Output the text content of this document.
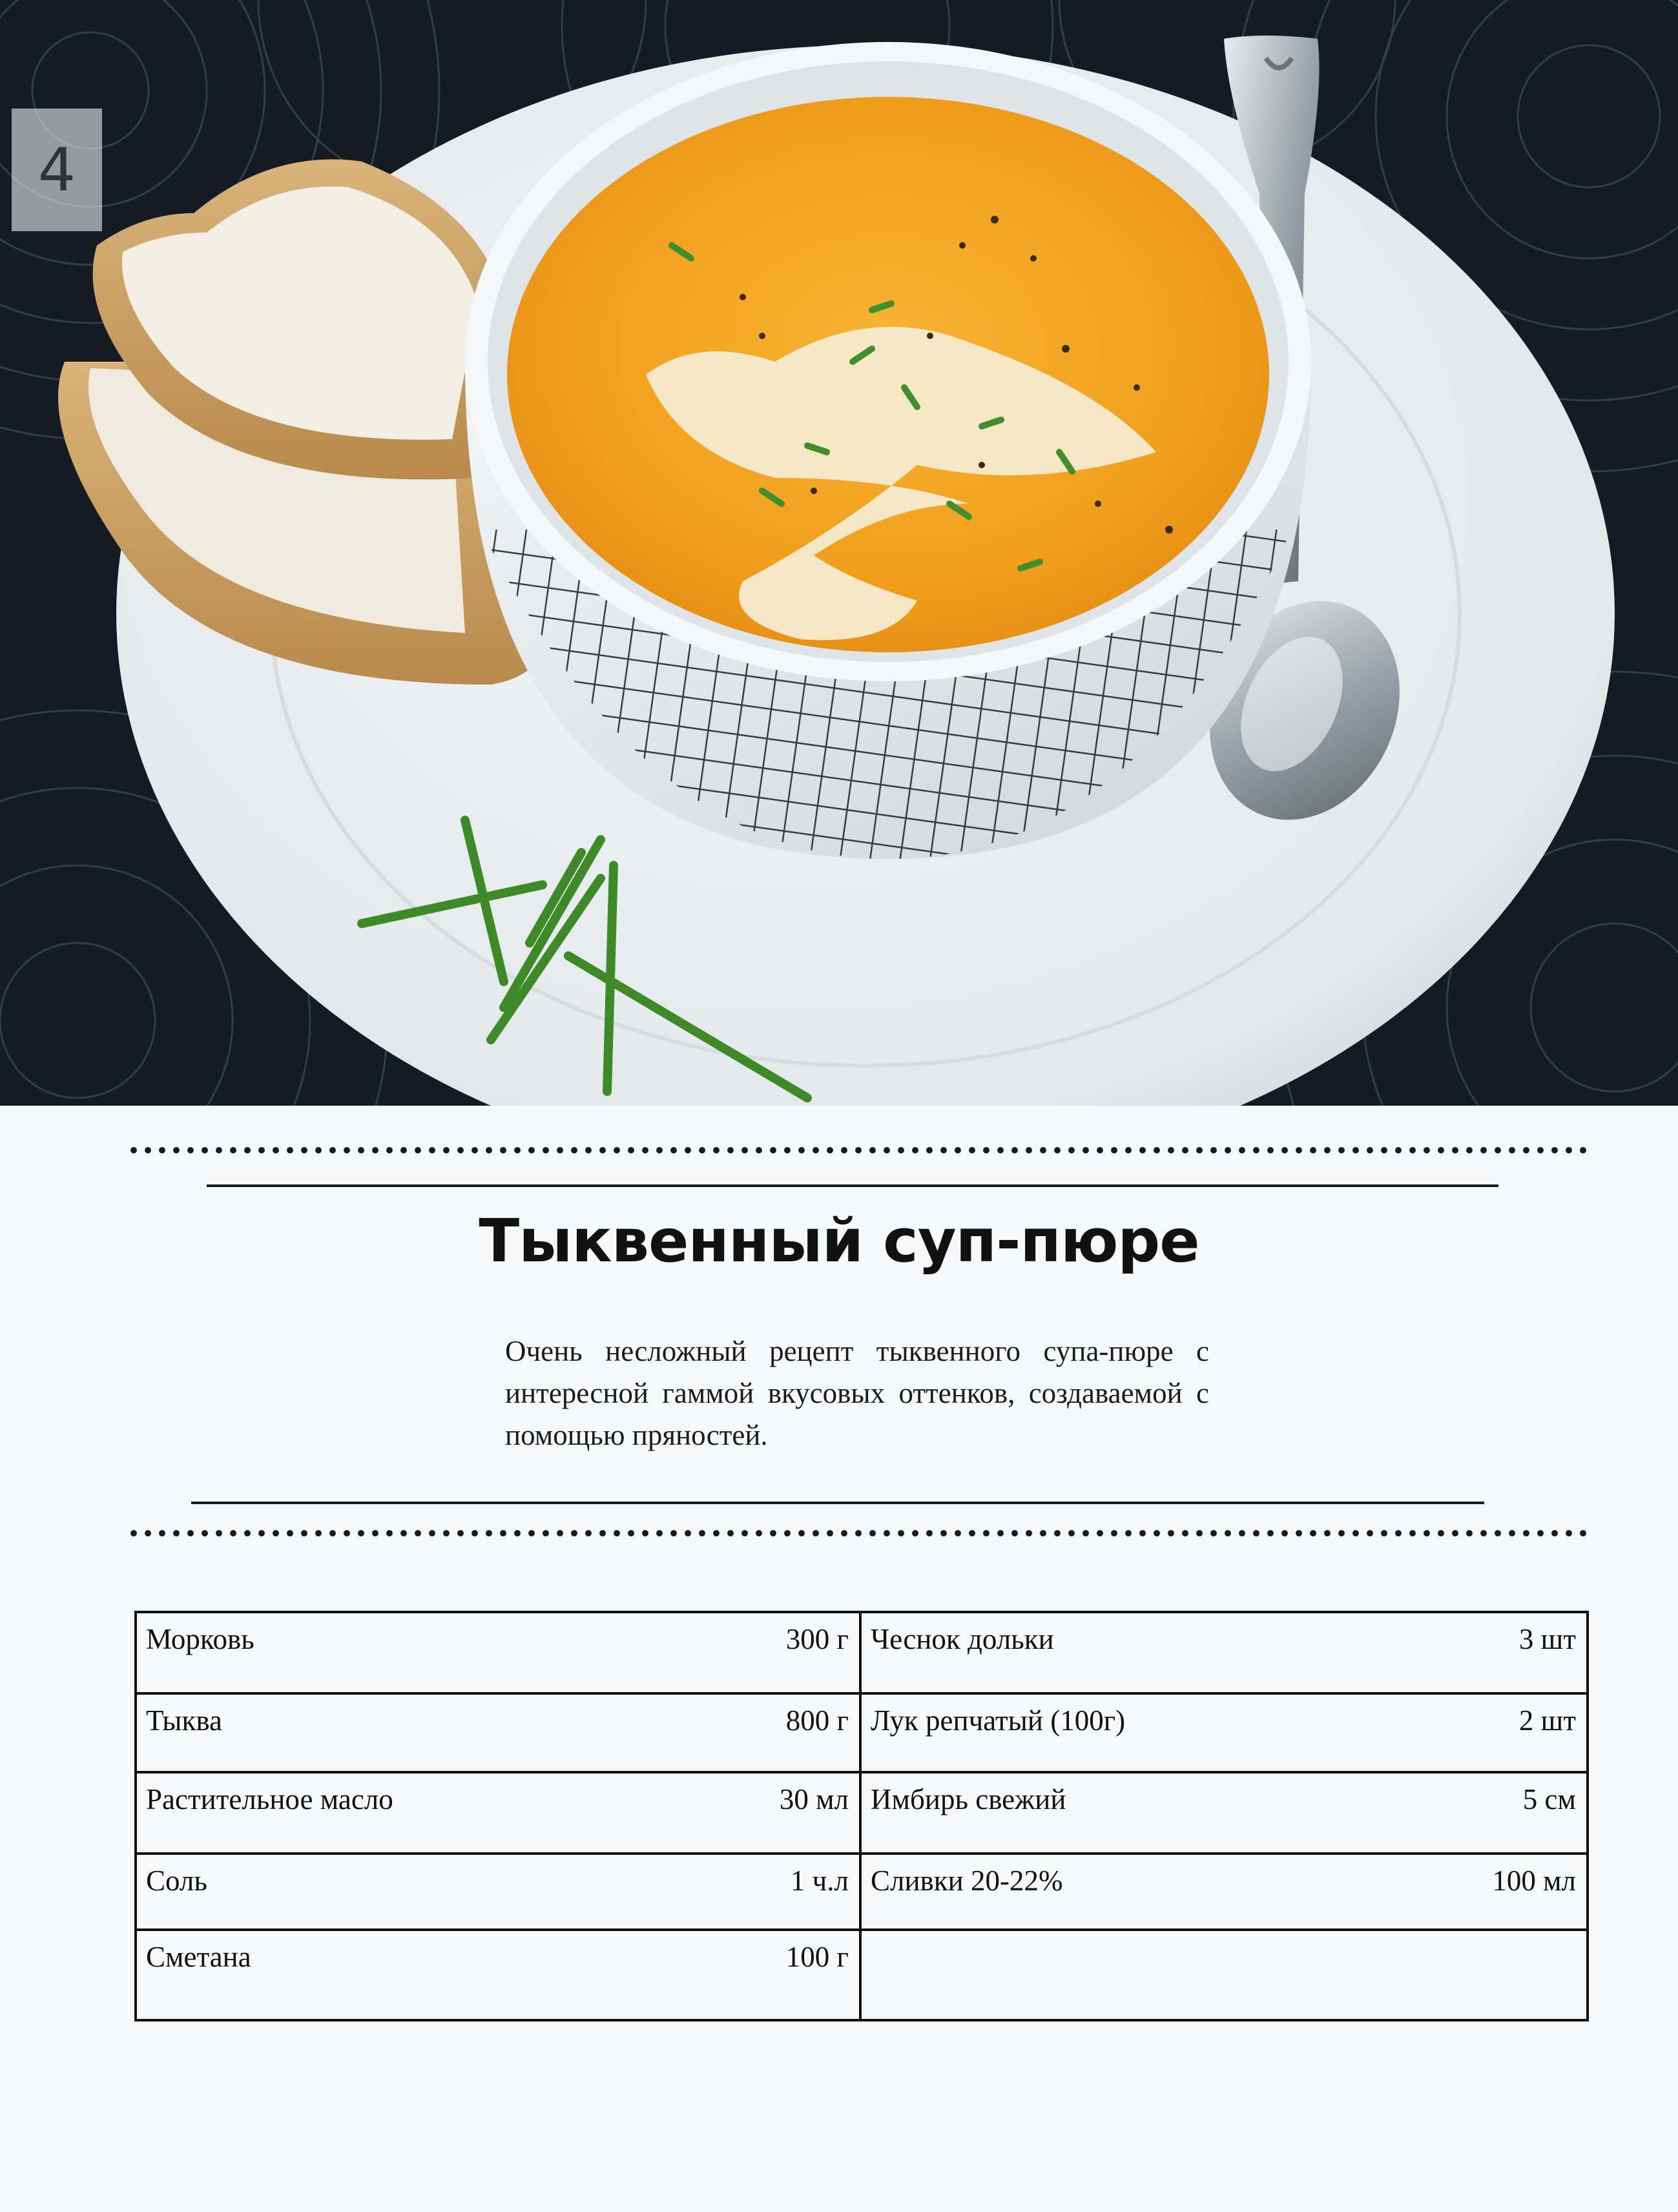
4
Тыквенный суп-пюре

Очень несложный рецепт тыквенного супа-пюре с интересной гаммой вкусовых оттенков, создаваемой с помощью пряностей.

Морковь	300 г Чеснок дольки	3 шт
Тыква	800 г Лук репчатый (100г)	2 шт
Растительное масло	30 мл Имбирь свежий	5 см
Соль	1 ч.л Сливки 20-22%	100 мл
Сметана	100 г
